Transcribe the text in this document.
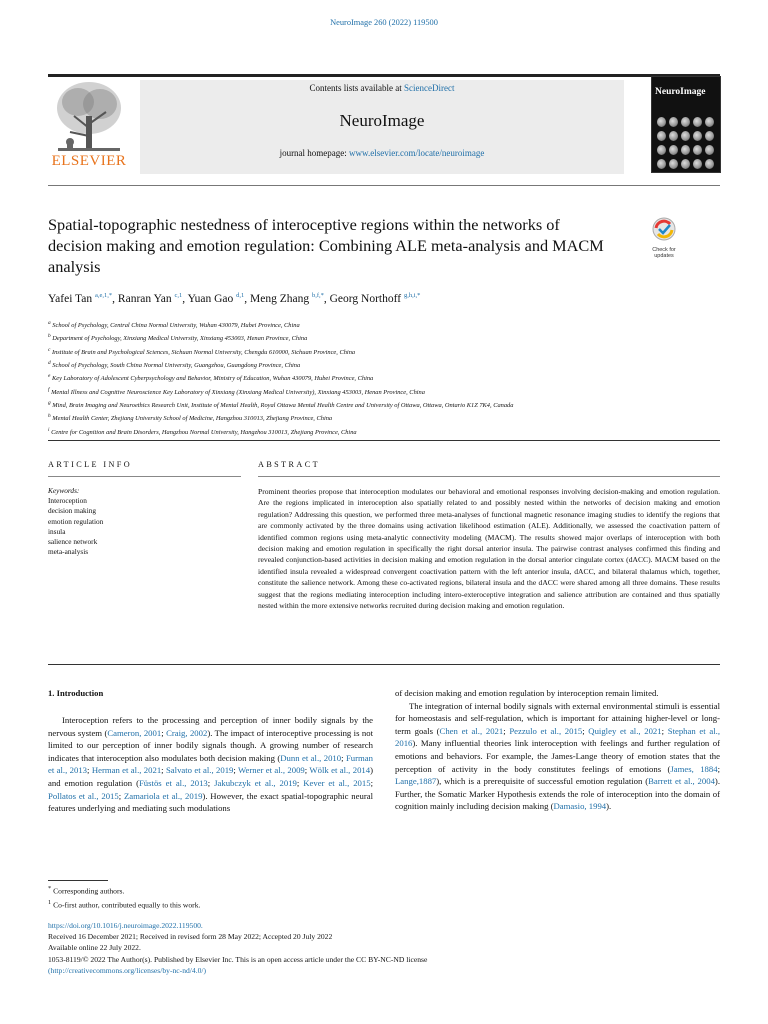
NeuroImage 260 (2022) 119500
ELSEVIER
Contents lists available at ScienceDirect
NeuroImage
journal homepage: www.elsevier.com/locate/neuroimage
NeuroImage
Spatial-topographic nestedness of interoceptive regions within the networks of decision making and emotion regulation: Combining ALE meta-analysis and MACM analysis
Check for updates
Yafei Tan $^{a,e,1,*}$, Ranran Yan $^{c,1}$, Yuan Gao $^{d,1}$, Meng Zhang $^{b,f,*}$, Georg Northoff $^{g,h,i,*}$
$^a$ School of Psychology, Central China Normal University, Wuhan 430079, Hubei Province, China
$^b$ Department of Psychology, Xinxiang Medical University, Xinxiang 453003, Henan Province, China
$^c$ Institute of Brain and Psychological Sciences, Sichuan Normal University, Chengdu 610000, Sichuan Province, China
$^d$ School of Psychology, South China Normal University, Guangzhou, Guangdong Province, China
$^e$ Key Laboratory of Adolescent Cyberpsychology and Behavior, Ministry of Education, Wuhan 430079, Hubei Province, China
$^f$ Mental Illness and Cognitive Neuroscience Key Laboratory of Xinxiang (Xinxiang Medical University), Xinxiang 453003, Henan Province, China
$^g$ Mind, Brain Imaging and Neuroethics Research Unit, Institute of Mental Health, Royal Ottawa Mental Health Centre and University of Ottawa, Ottawa, Ontario K1Z 7K4, Canada
$^h$ Mental Health Center, Zhejiang University School of Medicine, Hangzhou 310013, Zhejiang Province, China
$^i$ Centre for Cognition and Brain Disorders, Hangzhou Normal University, Hangzhou 310013, Zhejiang Province, China
ARTICLE INFO	ABSTRACT
Keywords:
Interoception
decision making
emotion regulation
insula
salience network
meta-analysis
Prominent theories propose that interoception modulates our behavioral and emotional responses involving decision-making and emotion regulation. Are the regions implicated in interoception also spatially related to and possibly nested within the networks of decision making and emotion regulation? Addressing this question, we performed three meta-analyses of functional magnetic resonance imaging studies to identify the regions that are commonly activated by the three domains using activation likelihood estimation (ALE). Additionally, we assessed the coactivation pattern of identified common regions using meta-analytic connectivity modeling (MACM). The results showed major overlaps of interoception with both decision making and emotion regulation in specifically the right dorsal anterior insula. The pairwise contrast analyses confirmed this finding and revealed conjunction-based activities in decision making and emotion regulation in the dorsal anterior cingulate cortex (dACC). MACM based on the identified insula revealed a widespread convergent coactivation pattern with the left anterior insula, dACC, and bilateral thalamus which, together, constitute the salience network. Among these co-activated regions, bilateral insula and the dACC were shared among all three domains. These results suggest that the regions mediating interoception including intero-exteroceptive integration and salience attribution are contained and thus spatially nested within the more extensive networks recruited during decision making and emotion regulation.
1. Introduction

Interoception refers to the processing and perception of inner bodily signals by the nervous system (Cameron, 2001; Craig, 2002). The impact of interoceptive processing is not limited to our perception of inner bodily signals though. A growing number of research indicates that interoception also modulates both decision making (Dunn et al., 2010; Furman et al., 2013; Herman et al., 2021; Salvato et al., 2019; Werner et al., 2009; Wölk et al., 2014) and emotion regulation (Füstös et al., 2013; Jakubczyk et al., 2019; Kever et al., 2015; Pollatos et al., 2015; Zamariola et al., 2019). However, the exact spatial-topographic neural features underlying and mediating such modulations

of decision making and emotion regulation by interoception remain limited.

The integration of internal bodily signals with external environmental stimuli is essential for homeostasis and self-regulation, which is important for attaining higher-level or long-term goals (Chen et al., 2021; Pezzulo et al., 2015; Quigley et al., 2021; Stephan et al., 2016). Many influential theories link interoception with feelings and further regulation of emotions and behaviors. For example, the James-Lange theory of emotion states that the perception of activity in the body constitutes feelings of emotions (James, 1884; Lange,1887), which is a prerequisite of successful emotion regulation (Barrett et al., 2004). Further, the Somatic Marker Hypothesis extends the role of interoception into the domain of cognition mainly including decision making (Damasio, 1994).

* Corresponding authors.
$^1$ Co-first author, contributed equally to this work.
https://doi.org/10.1016/j.neuroimage.2022.119500.
Received 16 December 2021; Received in revised form 28 May 2022; Accepted 20 July 2022
Available online 22 July 2022.
1053-8119/© 2022 The Author(s). Published by Elsevier Inc. This is an open access article under the CC BY-NC-ND license
(http://creativecommons.org/licenses/by-nc-nd/4.0/)
